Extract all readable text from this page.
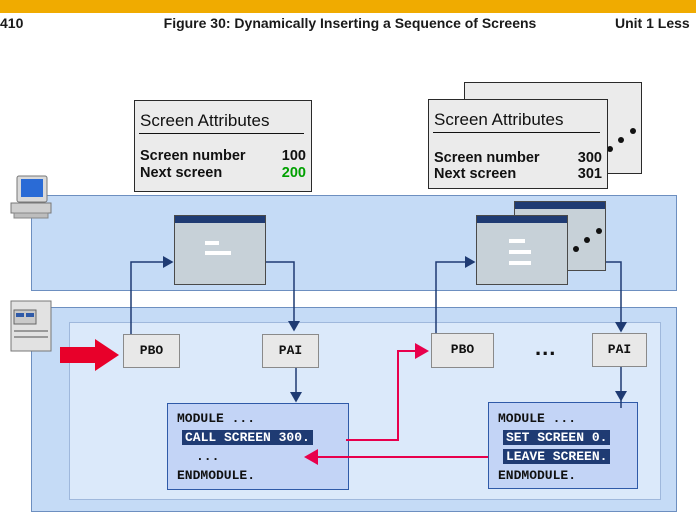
410	Figure 30: Dynamically Inserting a Sequence of Screens	Unit 1 Less
Screen Attributes
Screen number 100
Next screen	200
Screen Attributes
Screen number	300
Next screen	301
PBO	PAI	PBO	PAI
...
MODULE ...
CALL SCREEN 300.
...
ENDMODULE.
MODULE ...
SET SCREEN 0.
LEAVE SCREEN.
ENDMODULE.
